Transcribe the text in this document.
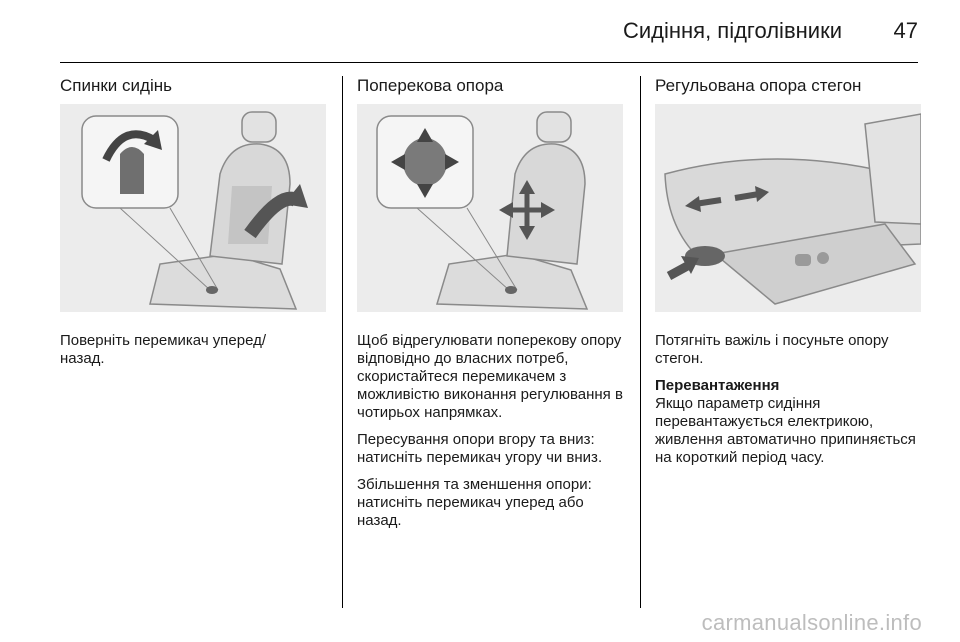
Сидіння, підголівники 47
Спинки сидінь

Поверніть перемикач уперед/

назад.

Поперекова опора

Щоб відрегулювати поперекову опору відповідно до власних потреб, скористайтеся перемикачем з можливістю виконання регулювання в чотирьох напрямках.

Пересування опори вгору та вниз: натисніть перемикач угору чи вниз.

Збільшення та зменшення опори: натисніть перемикач уперед або назад.

Регульована опора стегон

Потягніть важіль і посуньте опору стегон.

Перевантаження

Якщо параметр сидіння перевантажується електрикою, живлення автоматично припиняється на короткий період часу.

carmanualsonline.info
